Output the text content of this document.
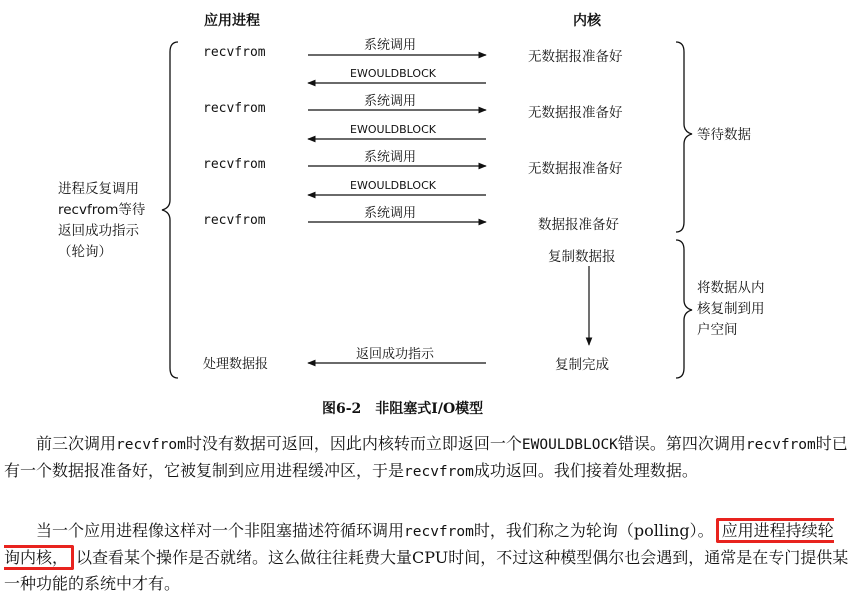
应用进程	内核
recvfrom
recvfrom
recvfrom
recvfrom
处理数据报
系统调用
系统调用
系统调用
系统调用
EWOULDBLOCK
EWOULDBLOCK
EWOULDBLOCK
返回成功指示
无数据报准备好
无数据报准备好
无数据报准备好
数据报准备好
复制数据报
复制完成
进程反复调用
recvfrom等待
返回成功指示
（轮询）
等待数据
将数据从内
核复制到用
户空间
图6-2　非阻塞式I/O模型
前三次调用recvfrom时没有数据可返回，因此内核转而立即返回一个EWOULDBLOCK错误。第四次调用recvfrom时已有一个数据报准备好，它被复制到应用进程缓冲区，于是recvfrom成功返回。我们接着处理数据。
当一个应用进程像这样对一个非阻塞描述符循环调用recvfrom时，我们称之为轮询（polling）。 应用进程持续轮询内核， 以查看某个操作是否就绪。这么做往往耗费大量CPU时间，不过这种模型偶尔也会遇到，通常是在专门提供某一种功能的系统中才有。
